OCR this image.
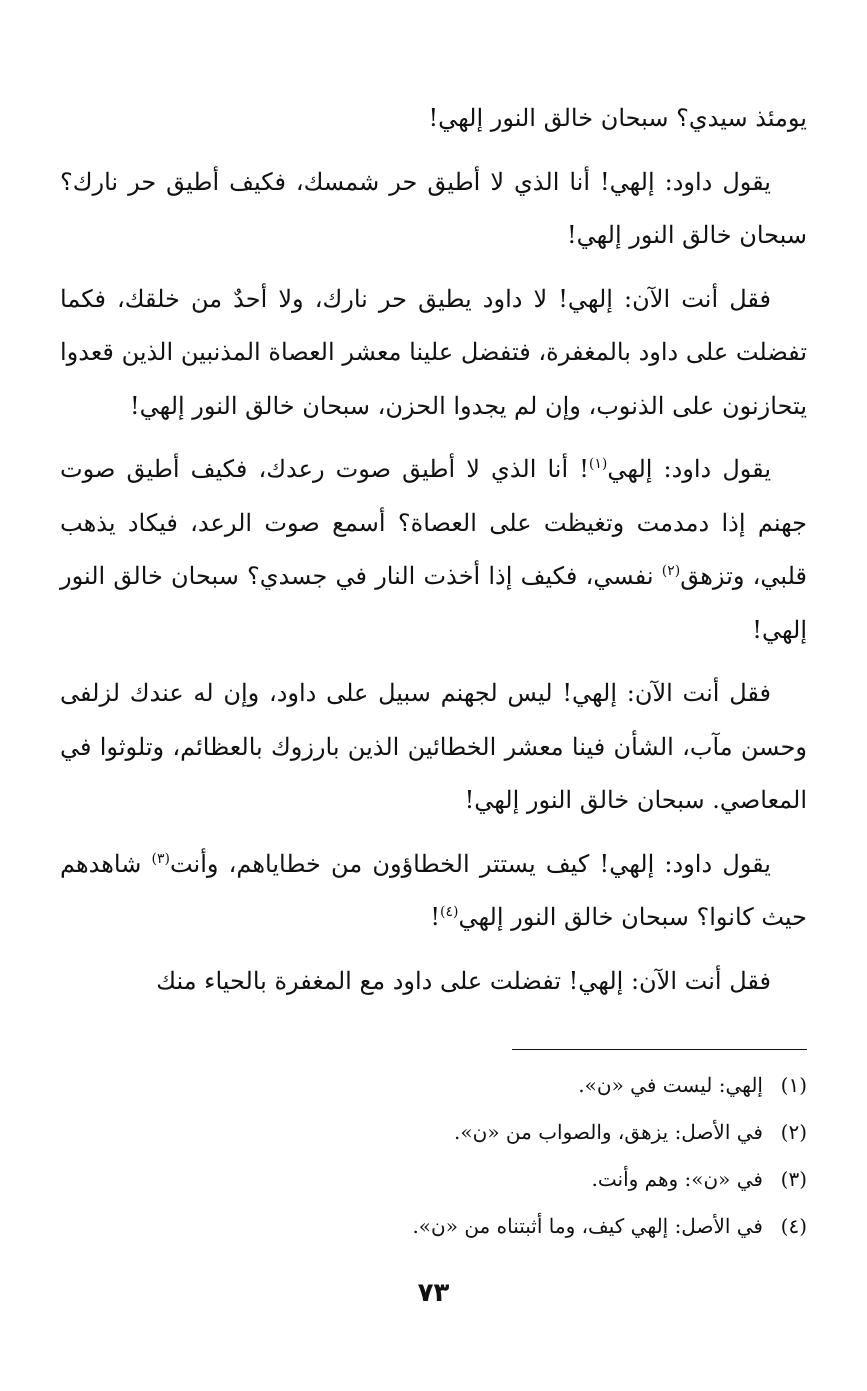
يومئذ سيدي؟ سبحان خالق النور إلهي!

يقول داود: إلهي! أنا الذي لا أطيق حر شمسك، فكيف أطيق حر نارك؟ سبحان خالق النور إلهي!

فقل أنت الآن: إلهي! لا داود يطيق حر نارك، ولا أحدٌ من خلقك، فكما تفضلت على داود بالمغفرة، فتفضل علينا معشر العصاة المذنبين الذين قعدوا يتحازنون على الذنوب، وإن لم يجدوا الحزن، سبحان خالق النور إلهي!

يقول داود: إلهي$^{(١)}$! أنا الذي لا أطيق صوت رعدك، فكيف أطيق صوت جهنم إذا دمدمت وتغيظت على العصاة؟ أسمع صوت الرعد، فيكاد يذهب قلبي، وتزهق$^{(٢)}$ نفسي، فكيف إذا أخذت النار في جسدي؟ سبحان خالق النور إلهي!

فقل أنت الآن: إلهي! ليس لجهنم سبيل على داود، وإن له عندك لزلفى وحسن مآب، الشأن فينا معشر الخطائين الذين بارزوك بالعظائم، وتلوثوا في المعاصي. سبحان خالق النور إلهي!

يقول داود: إلهي! كيف يستتر الخطاؤون من خطاياهم، وأنت$^{(٣)}$ شاهدهم حيث كانوا؟ سبحان خالق النور إلهي$^{(٤)}$!

فقل أنت الآن: إلهي! تفضلت على داود مع المغفرة بالحياء منك

(١)
إلهي: ليست في «ن».
(٢)
في الأصل: يزهق، والصواب من «ن».
(٣)
في «ن»: وهم وأنت.
(٤)
في الأصل: إلهي كيف، وما أثبتناه من «ن».
٧٣
